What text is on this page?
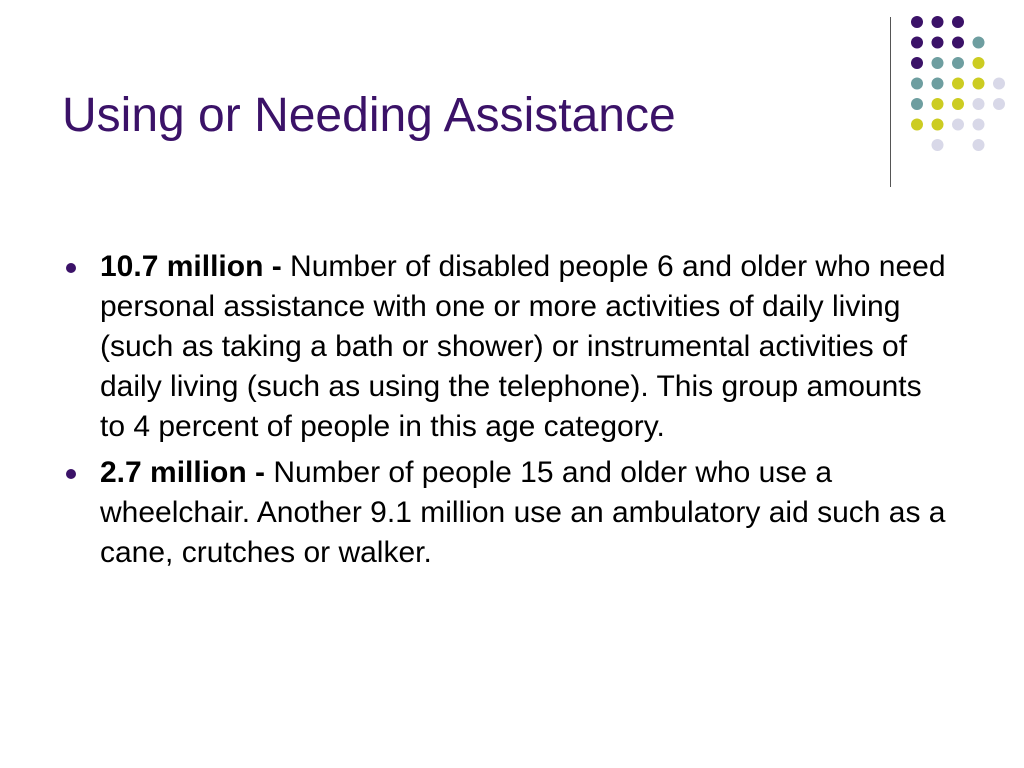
Using or Needing Assistance
10.7 million - Number of disabled people 6 and older who need personal assistance with one or more activities of daily living (such as taking a bath or shower) or instrumental activities of daily living (such as using the telephone). This group amounts to 4 percent of people in this age category.
2.7 million - Number of people 15 and older who use a wheelchair. Another 9.1 million use an ambulatory aid such as a cane, crutches or walker.
